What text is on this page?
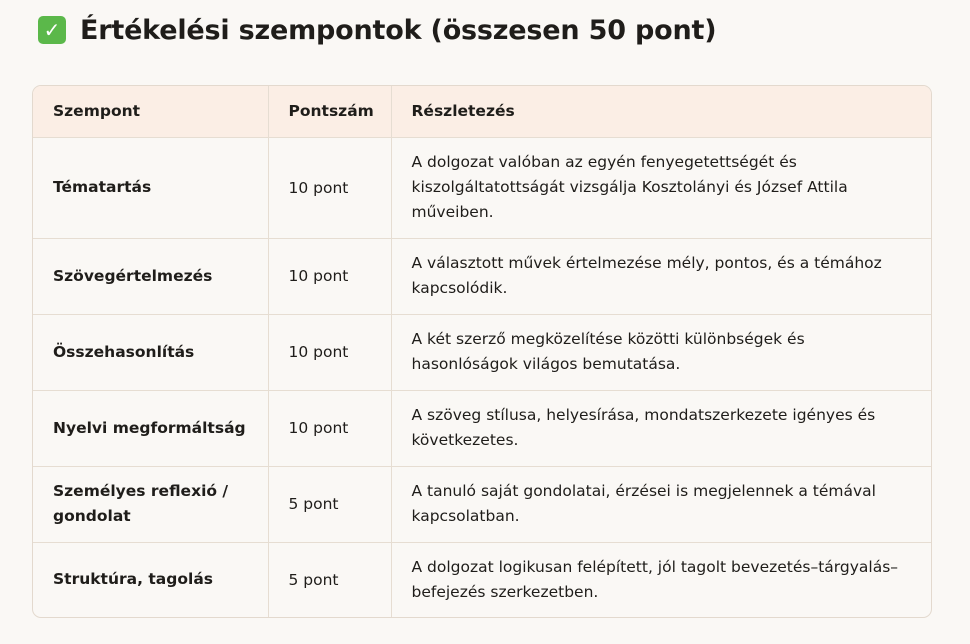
✓ Értékelési szempontok (összesen 50 pont)
Szempont	Pontszám	Részletezés
Tématartás	10 pont	A dolgozat valóban az egyén fenyegetettségét és kiszolgáltatottságát vizsgálja Kosztolányi és József Attila műveiben.
Szövegértelmezés	10 pont	A választott művek értelmezése mély, pontos, és a témához kapcsolódik.
Összehasonlítás	10 pont	A két szerző megközelítése közötti különbségek és hasonlóságok világos bemutatása.
Nyelvi megformáltság	10 pont	A szöveg stílusa, helyesírása, mondatszerkezete igényes és következetes.
Személyes reflexió / gondolat	5 pont	A tanuló saját gondolatai, érzései is megjelennek a témával kapcsolatban.
Struktúra, tagolás	5 pont	A dolgozat logikusan felépített, jól tagolt bevezetés–tárgyalás–befejezés szerkezetben.
